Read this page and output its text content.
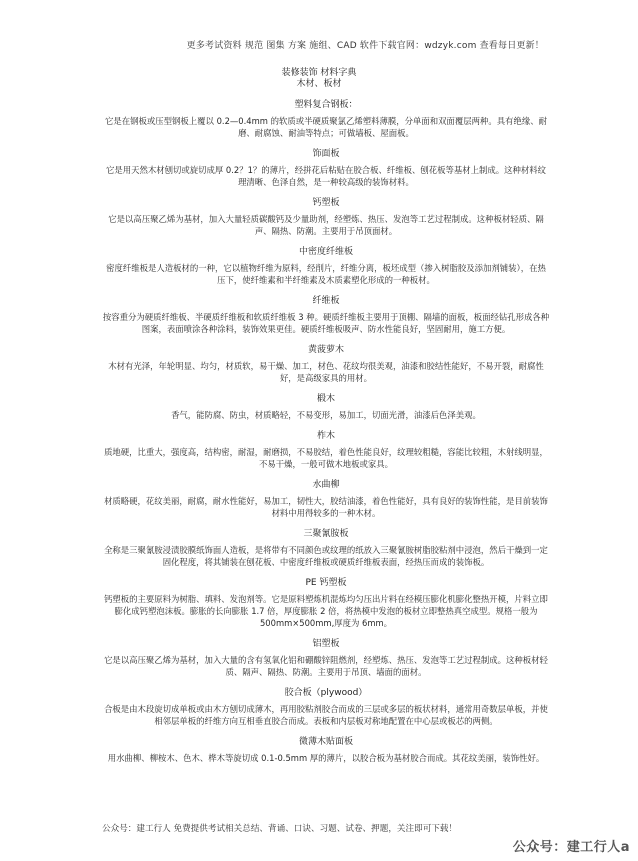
更多考试资料 规范 图集 方案 施组、CAD 软件下载官网：wdzyk.com 查看每日更新！
装修装饰 材料字典
木材、板材
塑料复合钢板：
它是在钢板或压型钢板上覆以 0.2—0.4mm 的软质或半硬质聚氯乙烯塑料薄膜，分单面和双面覆层两种。具有绝缘、耐磨、耐腐蚀、耐油等特点；可做墙板、屋面板。
饰面板
它是用天然木材刨切或旋切成厚 0.2？1？的薄片，经拼花后粘贴在胶合板、纤维板、刨花板等基材上制成。这种材料纹理清晰、色泽自然，是一种较高级的装饰材料。
钙塑板
它是以高压聚乙烯为基材，加入大量轻质碳酸钙及少量助剂，经塑炼、热压、发泡等工艺过程制成。这种板材轻质、隔声、隔热、防潮。主要用于吊顶面材。
中密度纤维板
密度纤维板是人造板材的一种，它以植物纤维为原料，经削片，纤维分离，板坯成型（掺入树脂胶及添加剂铺装），在热压下，使纤维素和半纤维素及木质素塑化形成的一种板材。
纤维板
按容重分为硬质纤维板、半硬质纤维板和软质纤维板 3 种。硬质纤维板主要用于顶棚、隔墙的面板，板面经钻孔形成各种图案，表面喷涂各种涂料，装饰效果更佳。硬质纤维板吸声、防水性能良好，坚固耐用，施工方便。
黄菠萝木
木材有光泽，年轮明显、均匀，材质软，易干燥、加工，材色、花纹均很美观，油漆和胶结性能好，不易开裂，耐腐性好，是高级家具的用材。
椴木
香气，能防腐、防虫，材质略轻，不易变形，易加工，切面光滑，油漆后色泽美观。
柞木
质地硬，比重大，强度高，结构密，耐湿，耐磨损，不易胶结，着色性能良好，纹理较粗糙，容能比较粗，木射线明显，不易干燥，一般可做木地板或家具。
水曲柳
材质略硬，花纹美丽，耐腐，耐水性能好，易加工，韧性大，胶结油漆，着色性能好，具有良好的装饰性能，是目前装饰材料中用得较多的一种木材。
三聚氰胺板
全称是三聚氰胺浸渍胶膜纸饰面人造板，是将带有不同颜色或纹理的纸放入三聚氰胺树脂胶粘剂中浸泡，然后干燥到一定固化程度，将其铺装在刨花板、中密度纤维板或硬质纤维板表面，经热压而成的装饰板。
PE 钙塑板
钙塑板的主要原料为树脂、填料、发泡剂等。它是原料塑炼机混炼均匀压出片料在经模压膨化机膨化整热开模，片料立即膨化成钙塑泡沫板。膨胀的长向膨胀 1.7 倍，厚度膨胀 2 倍，将热模中发泡的板材立即整热真空成型。规格一般为 500mm×500mm,厚度为 6mm。
铝塑板
它是以高压聚乙烯为基材，加入大量的含有氢氧化铝和硼酸锌阻燃剂，经塑炼、热压、发泡等工艺过程制成。这种板材轻质、隔声、隔热、防潮。主要用于吊顶、墙面的面材。
胶合板（plywood）
合板是由木段旋切成单板或由木方刨切成薄木，再用胶粘剂胶合而成的三层或多层的板状材料，通常用奇数层单板，并使相邻层单板的纤维方向互相垂直胶合而成。表板和内层板对称地配置在中心层或板芯的两侧。
微薄木贴面板
用水曲柳、柳桉木、色木、桦木等旋切成 0.1-0.5mm 厚的薄片，以胶合板为基材胶合而成。其花纹美丽，装饰性好。
公众号：建工行人 免费提供考试相关总结、背诵、口诀、习题、试卷、押题，关注即可下载！
公众号：建工行人a
